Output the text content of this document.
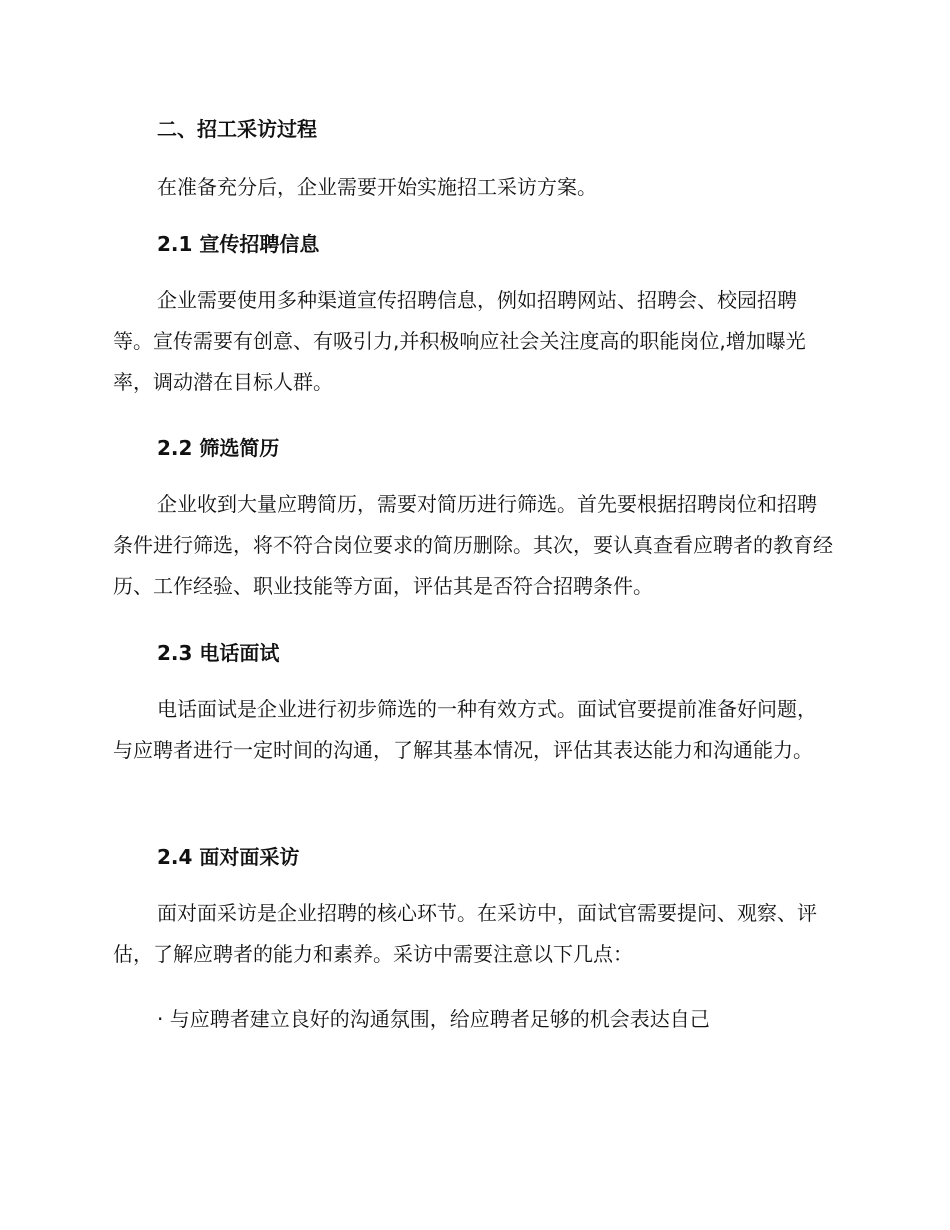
二、招工采访过程
在准备充分后，企业需要开始实施招工采访方案。
2.1 宣传招聘信息

企业需要使用多种渠道宣传招聘信息，例如招聘网站、招聘会、校园招聘等。宣传需要有创意、有吸引力,并积极响应社会关注度高的职能岗位,增加曝光率，调动潜在目标人群。

2.2 筛选简历

企业收到大量应聘简历，需要对简历进行筛选。首先要根据招聘岗位和招聘条件进行筛选，将不符合岗位要求的简历删除。其次，要认真查看应聘者的教育经历、工作经验、职业技能等方面，评估其是否符合招聘条件。

2.3 电话面试

电话面试是企业进行初步筛选的一种有效方式。面试官要提前准备好问题，与应聘者进行一定时间的沟通，了解其基本情况，评估其表达能力和沟通能力。

2.4 面对面采访

面对面采访是企业招聘的核心环节。在采访中，面试官需要提问、观察、评估，了解应聘者的能力和素养。采访中需要注意以下几点：

· 与应聘者建立良好的沟通氛围，给应聘者足够的机会表达自己
